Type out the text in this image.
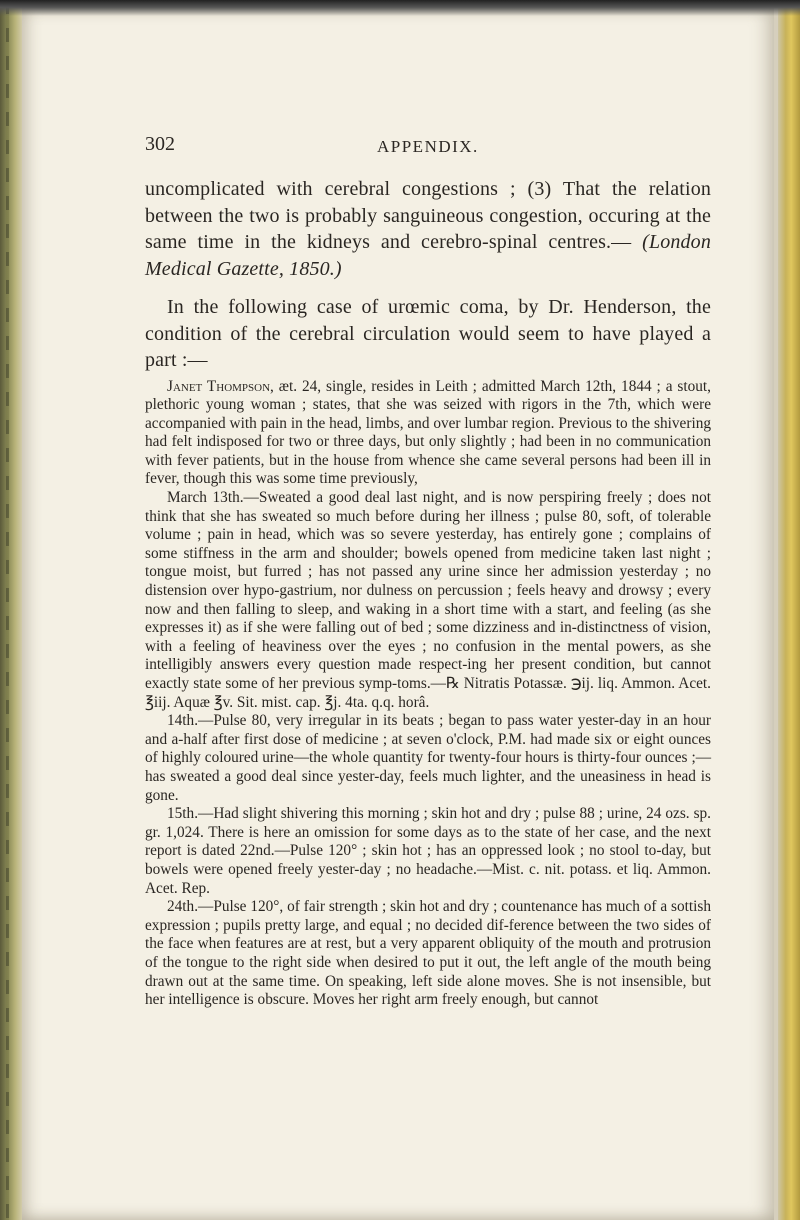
302	APPENDIX.

uncomplicated with cerebral congestions ; (3) That the relation between the two is probably sanguineous congestion, occuring at the same time in the kidneys and cerebro-spinal centres.— (London Medical Gazette, 1850.)

In the following case of urœmic coma, by Dr. Henderson, the condition of the cerebral circulation would seem to have played a part :—

Janet Thompson, æt. 24, single, resides in Leith ; admitted March 12th, 1844 ; a stout, plethoric young woman ; states, that she was seized with rigors in the 7th, which were accompanied with pain in the head, limbs, and over lumbar region. Previous to the shivering had felt indisposed for two or three days, but only slightly ; had been in no communication with fever patients, but in the house from whence she came several persons had been ill in fever, though this was some time previously,

March 13th.—Sweated a good deal last night, and is now perspiring freely ; does not think that she has sweated so much before during her illness ; pulse 80, soft, of tolerable volume ; pain in head, which was so severe yesterday, has entirely gone ; complains of some stiffness in the arm and shoulder; bowels opened from medicine taken last night ; tongue moist, but furred ; has not passed any urine since her admission yesterday ; no distension over hypo-gastrium, nor dulness on percussion ; feels heavy and drowsy ; every now and then falling to sleep, and waking in a short time with a start, and feeling (as she expresses it) as if she were falling out of bed ; some dizziness and in-distinctness of vision, with a feeling of heaviness over the eyes ; no confusion in the mental powers, as she intelligibly answers every question made respect-ing her present condition, but cannot exactly state some of her previous symp-toms.—℞ Nitratis Potassæ. ℈ij. liq. Ammon. Acet. ℥iij. Aquæ ℥v. Sit. mist. cap. ℥j. 4ta. q.q. horâ.

14th.—Pulse 80, very irregular in its beats ; began to pass water yester-day in an hour and a-half after first dose of medicine ; at seven o'clock, P.M. had made six or eight ounces of highly coloured urine—the whole quantity for twenty-four hours is thirty-four ounces ;—has sweated a good deal since yester-day, feels much lighter, and the uneasiness in head is gone.

15th.—Had slight shivering this morning ; skin hot and dry ; pulse 88 ; urine, 24 ozs. sp. gr. 1,024. There is here an omission for some days as to the state of her case, and the next report is dated 22nd.—Pulse 120° ; skin hot ; has an oppressed look ; no stool to-day, but bowels were opened freely yester-day ; no headache.—Mist. c. nit. potass. et liq. Ammon. Acet. Rep.

24th.—Pulse 120°, of fair strength ; skin hot and dry ; countenance has much of a sottish expression ; pupils pretty large, and equal ; no decided dif-ference between the two sides of the face when features are at rest, but a very apparent obliquity of the mouth and protrusion of the tongue to the right side when desired to put it out, the left angle of the mouth being drawn out at the same time. On speaking, left side alone moves. She is not insensible, but her intelligence is obscure. Moves her right arm freely enough, but cannot
